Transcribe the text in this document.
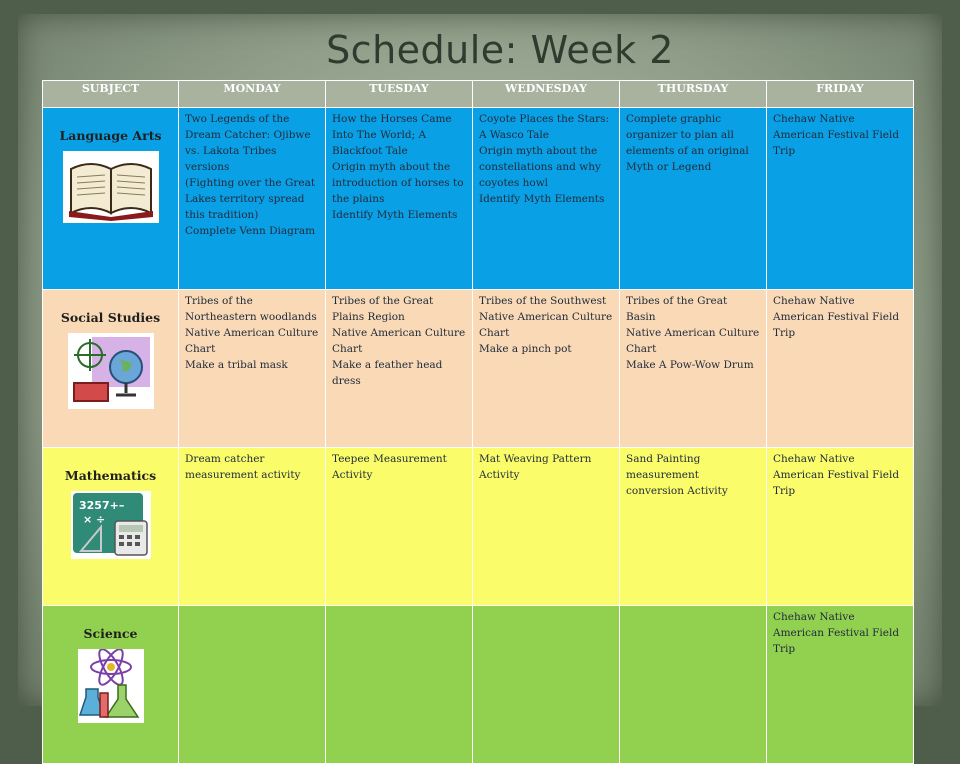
Schedule: Week 2
SUBJECT	MONDAY	TUESDAY	WEDNESDAY	THURSDAY	FRIDAY

Language Arts	Two Legends of the Dream Catcher: Ojibwe vs. Lakota Tribes versions
(Fighting over the Great Lakes territory spread this tradition)
Complete Venn Diagram	How the Horses Came Into The World; A Blackfoot Tale
Origin myth about the introduction of horses to the plains
Identify Myth Elements	Coyote Places the Stars: A Wasco Tale
Origin myth about the constellations and why coyotes howl
Identify Myth Elements	Complete graphic organizer to plan all elements of an original Myth or Legend	Chehaw Native American Festival Field Trip

Social Studies	Tribes of the Northeastern woodlands
Native American Culture Chart
Make a tribal mask	Tribes of the Great Plains Region
Native American Culture Chart
Make a feather head dress	Tribes of the Southwest
Native American Culture Chart
Make a pinch pot	Tribes of the Great Basin
Native American Culture Chart
Make A Pow-Wow Drum	Chehaw Native American Festival Field Trip

Mathematics
3257+–
× ÷	Dream catcher measurement activity	Teepee Measurement Activity	Mat Weaving Pattern Activity	Sand Painting measurement conversion Activity	Chehaw Native American Festival Field Trip

Science					Chehaw Native American Festival Field Trip
